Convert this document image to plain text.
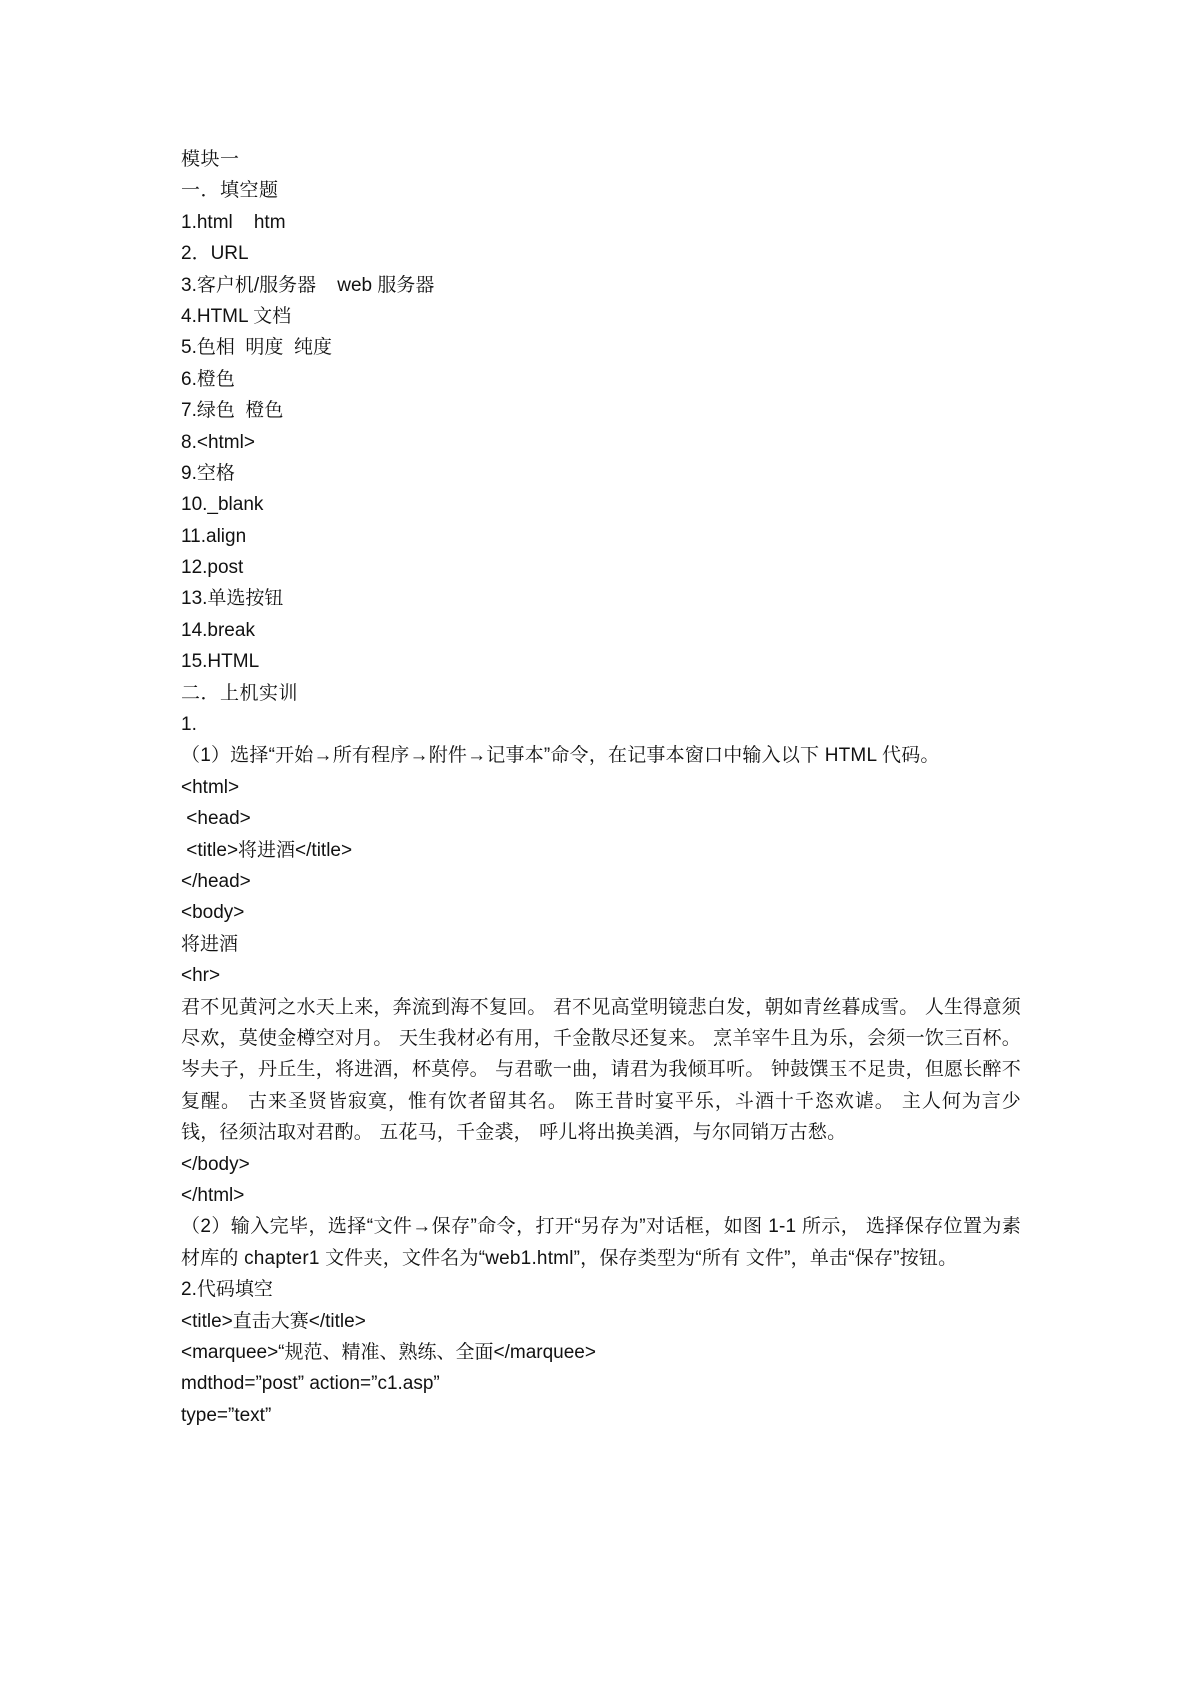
模块一

一．填空题

1.html    htm

2．URL

3.客户机/服务器    web 服务器

4.HTML 文档

5.色相  明度  纯度

6.橙色

7.绿色  橙色

8.<html>

9.空格

10._blank

11.align

12.post

13.单选按钮

14.break

15.HTML

二．上机实训

1.

（1）选择“开始→所有程序→附件→记事本”命令，在记事本窗口中输入以下 HTML 代码。

<html>

<head>

<title>将进酒</title>

</head>

<body>

将进酒

<hr>

君不见黄河之水天上来，奔流到海不复回。 君不见高堂明镜悲白发，朝如青丝暮成雪。 人生得意须尽欢，莫使金樽空对月。 天生我材必有用，千金散尽还复来。 烹羊宰牛且为乐，会须一饮三百杯。 岑夫子，丹丘生，将进酒，杯莫停。 与君歌一曲，请君为我倾耳听。 钟鼓馔玉不足贵，但愿长醉不复醒。 古来圣贤皆寂寞，惟有饮者留其名。 陈王昔时宴平乐，斗酒十千恣欢谑。 主人何为言少钱，径须沽取对君酌。 五花马，千金裘， 呼儿将出换美酒，与尔同销万古愁。

</body>

</html>

（2）输入完毕，选择“文件→保存”命令，打开“另存为”对话框，如图 1-1 所示， 选择保存位置为素材库的 chapter1 文件夹，文件名为“web1.html”，保存类型为“所有 文件”，单击“保存”按钮。

2.代码填空

<title>直击大赛</title>

<marquee>“规范、精准、熟练、全面</marquee>

mdthod=”post” action=”c1.asp”

type=”text”
